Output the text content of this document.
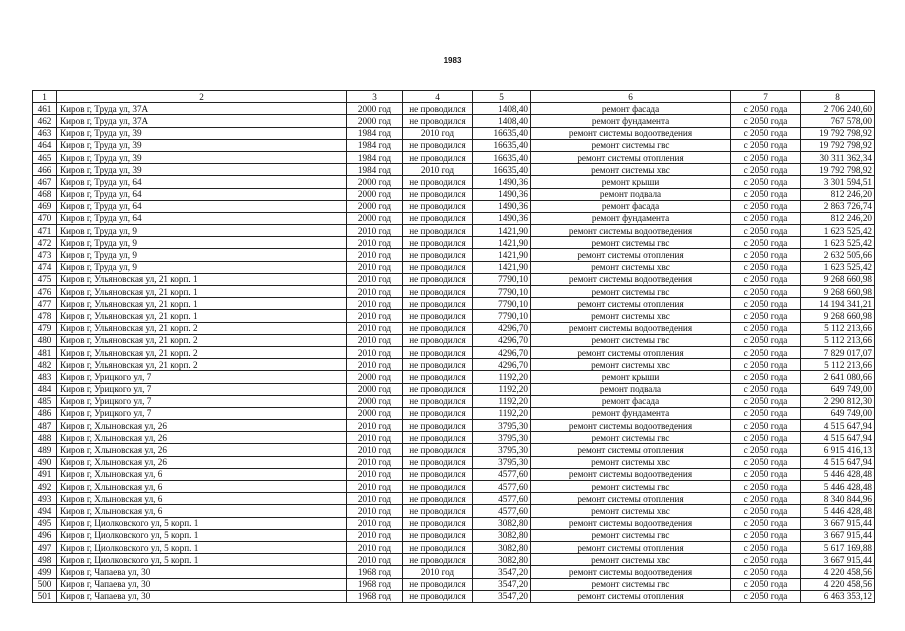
1983
1	2	3	4	5	6	7	8
461	Киров г, Труда ул, 37А	2000 год	не проводился	1408,40	ремонт фасада	с 2050 года	2 706 240,60
462	Киров г, Труда ул, 37А	2000 год	не проводился	1408,40	ремонт фундамента	с 2050 года	767 578,00
463	Киров г, Труда ул, 39	1984 год	2010 год	16635,40	ремонт системы водоотведения	с 2050 года	19 792 798,92
464	Киров г, Труда ул, 39	1984 год	не проводился	16635,40	ремонт системы гвс	с 2050 года	19 792 798,92
465	Киров г, Труда ул, 39	1984 год	не проводился	16635,40	ремонт системы отопления	с 2050 года	30 311 362,34
466	Киров г, Труда ул, 39	1984 год	2010 год	16635,40	ремонт системы хвс	с 2050 года	19 792 798,92
467	Киров г, Труда ул, 64	2000 год	не проводился	1490,36	ремонт крыши	с 2050 года	3 301 594,51
468	Киров г, Труда ул, 64	2000 год	не проводился	1490,36	ремонт подвала	с 2050 года	812 246,20
469	Киров г, Труда ул, 64	2000 год	не проводился	1490,36	ремонт фасада	с 2050 года	2 863 726,74
470	Киров г, Труда ул, 64	2000 год	не проводился	1490,36	ремонт фундамента	с 2050 года	812 246,20
471	Киров г, Труда ул, 9	2010 год	не проводился	1421,90	ремонт системы водоотведения	с 2050 года	1 623 525,42
472	Киров г, Труда ул, 9	2010 год	не проводился	1421,90	ремонт системы гвс	с 2050 года	1 623 525,42
473	Киров г, Труда ул, 9	2010 год	не проводился	1421,90	ремонт системы отопления	с 2050 года	2 632 505,66
474	Киров г, Труда ул, 9	2010 год	не проводился	1421,90	ремонт системы хвс	с 2050 года	1 623 525,42
475	Киров г, Ульяновская ул, 21 корп. 1	2010 год	не проводился	7790,10	ремонт системы водоотведения	с 2050 года	9 268 660,98
476	Киров г, Ульяновская ул, 21 корп. 1	2010 год	не проводился	7790,10	ремонт системы гвс	с 2050 года	9 268 660,98
477	Киров г, Ульяновская ул, 21 корп. 1	2010 год	не проводился	7790,10	ремонт системы отопления	с 2050 года	14 194 341,21
478	Киров г, Ульяновская ул, 21 корп. 1	2010 год	не проводился	7790,10	ремонт системы хвс	с 2050 года	9 268 660,98
479	Киров г, Ульяновская ул, 21 корп. 2	2010 год	не проводился	4296,70	ремонт системы водоотведения	с 2050 года	5 112 213,66
480	Киров г, Ульяновская ул, 21 корп. 2	2010 год	не проводился	4296,70	ремонт системы гвс	с 2050 года	5 112 213,66
481	Киров г, Ульяновская ул, 21 корп. 2	2010 год	не проводился	4296,70	ремонт системы отопления	с 2050 года	7 829 017,07
482	Киров г, Ульяновская ул, 21 корп. 2	2010 год	не проводился	4296,70	ремонт системы хвс	с 2050 года	5 112 213,66
483	Киров г, Урицкого ул, 7	2000 год	не проводился	1192,20	ремонт крыши	с 2050 года	2 641 080,66
484	Киров г, Урицкого ул, 7	2000 год	не проводился	1192,20	ремонт подвала	с 2050 года	649 749,00
485	Киров г, Урицкого ул, 7	2000 год	не проводился	1192,20	ремонт фасада	с 2050 года	2 290 812,30
486	Киров г, Урицкого ул, 7	2000 год	не проводился	1192,20	ремонт фундамента	с 2050 года	649 749,00
487	Киров г, Хлыновская ул, 26	2010 год	не проводился	3795,30	ремонт системы водоотведения	с 2050 года	4 515 647,94
488	Киров г, Хлыновская ул, 26	2010 год	не проводился	3795,30	ремонт системы гвс	с 2050 года	4 515 647,94
489	Киров г, Хлыновская ул, 26	2010 год	не проводился	3795,30	ремонт системы отопления	с 2050 года	6 915 416,13
490	Киров г, Хлыновская ул, 26	2010 год	не проводился	3795,30	ремонт системы хвс	с 2050 года	4 515 647,94
491	Киров г, Хлыновская ул, 6	2010 год	не проводился	4577,60	ремонт системы водоотведения	с 2050 года	5 446 428,48
492	Киров г, Хлыновская ул, 6	2010 год	не проводился	4577,60	ремонт системы гвс	с 2050 года	5 446 428,48
493	Киров г, Хлыновская ул, 6	2010 год	не проводился	4577,60	ремонт системы отопления	с 2050 года	8 340 844,96
494	Киров г, Хлыновская ул, 6	2010 год	не проводился	4577,60	ремонт системы хвс	с 2050 года	5 446 428,48
495	Киров г, Циолковского ул, 5 корп. 1	2010 год	не проводился	3082,80	ремонт системы водоотведения	с 2050 года	3 667 915,44
496	Киров г, Циолковского ул, 5 корп. 1	2010 год	не проводился	3082,80	ремонт системы гвс	с 2050 года	3 667 915,44
497	Киров г, Циолковского ул, 5 корп. 1	2010 год	не проводился	3082,80	ремонт системы отопления	с 2050 года	5 617 169,88
498	Киров г, Циолковского ул, 5 корп. 1	2010 год	не проводился	3082,80	ремонт системы хвс	с 2050 года	3 667 915,44
499	Киров г, Чапаева ул, 30	1968 год	2010 год	3547,20	ремонт системы водоотведения	с 2050 года	4 220 458,56
500	Киров г, Чапаева ул, 30	1968 год	не проводился	3547,20	ремонт системы гвс	с 2050 года	4 220 458,56
501	Киров г, Чапаева ул, 30	1968 год	не проводился	3547,20	ремонт системы отопления	с 2050 года	6 463 353,12
